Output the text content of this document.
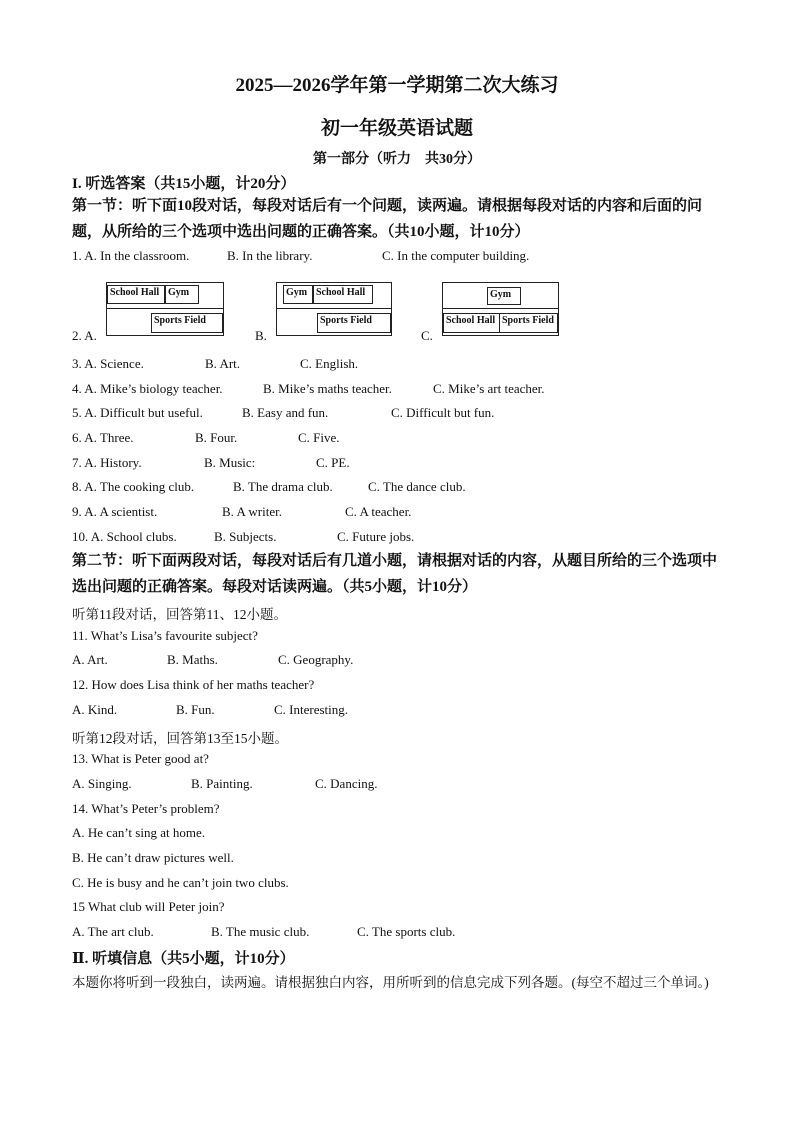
2025—2026学年第一学期第二次大练习
初一年级英语试题
第一部分（听力　共30分）
I. 听选答案（共15小题，计20分）
第一节：听下面10段对话，每段对话后有一个问题，读两遍。请根据每段对话的内容和后面的问题，从所给的三个选项中选出问题的正确答案。（共10小题，计10分）
1. A. In the classroom.	B. In the library.	C. In the computer building.
School Hall Gym
Sports Field
Gym School Hall
Sports Field
Gym
School Hall Sports Field
2. A.	B.	C.
3. A. Science.	B. Art.	C. English.
4. A. Mike’s biology teacher.	B. Mike’s maths teacher.	C. Mike’s art teacher.
5. A. Difficult but useful.	B. Easy and fun.	C. Difficult but fun.
6. A. Three.	B. Four.	C. Five.
7. A. History.	B. Music:	C. PE.
8. A. The cooking club.	B. The drama club.	C. The dance club.
9. A. A scientist.	B. A writer.	C. A teacher.
10. A. School clubs.	B. Subjects.	C. Future jobs.
第二节：听下面两段对话，每段对话后有几道小题，请根据对话的内容，从题目所给的三个选项中选出问题的正确答案。每段对话读两遍。（共5小题，计10分）
听第11段对话，回答第11、12小题。
11. What’s Lisa’s favourite subject?
A. Art.	B. Maths.	C. Geography.
12. How does Lisa think of her maths teacher?
A. Kind.	B. Fun.	C. Interesting.
听第12段对话，回答第13至15小题。
13. What is Peter good at?
A. Singing.	B. Painting.	C. Dancing.
14. What’s Peter’s problem?
A. He can’t sing at home.
B. He can’t draw pictures well.
C. He is busy and he can’t join two clubs.
15 What club will Peter join?
A. The art club.	B. The music club.	C. The sports club.
Ⅱ. 听填信息（共5小题，计10分）
本题你将听到一段独白，读两遍。请根据独白内容，用所听到的信息完成下列各题。(每空不超过三个单词。)
